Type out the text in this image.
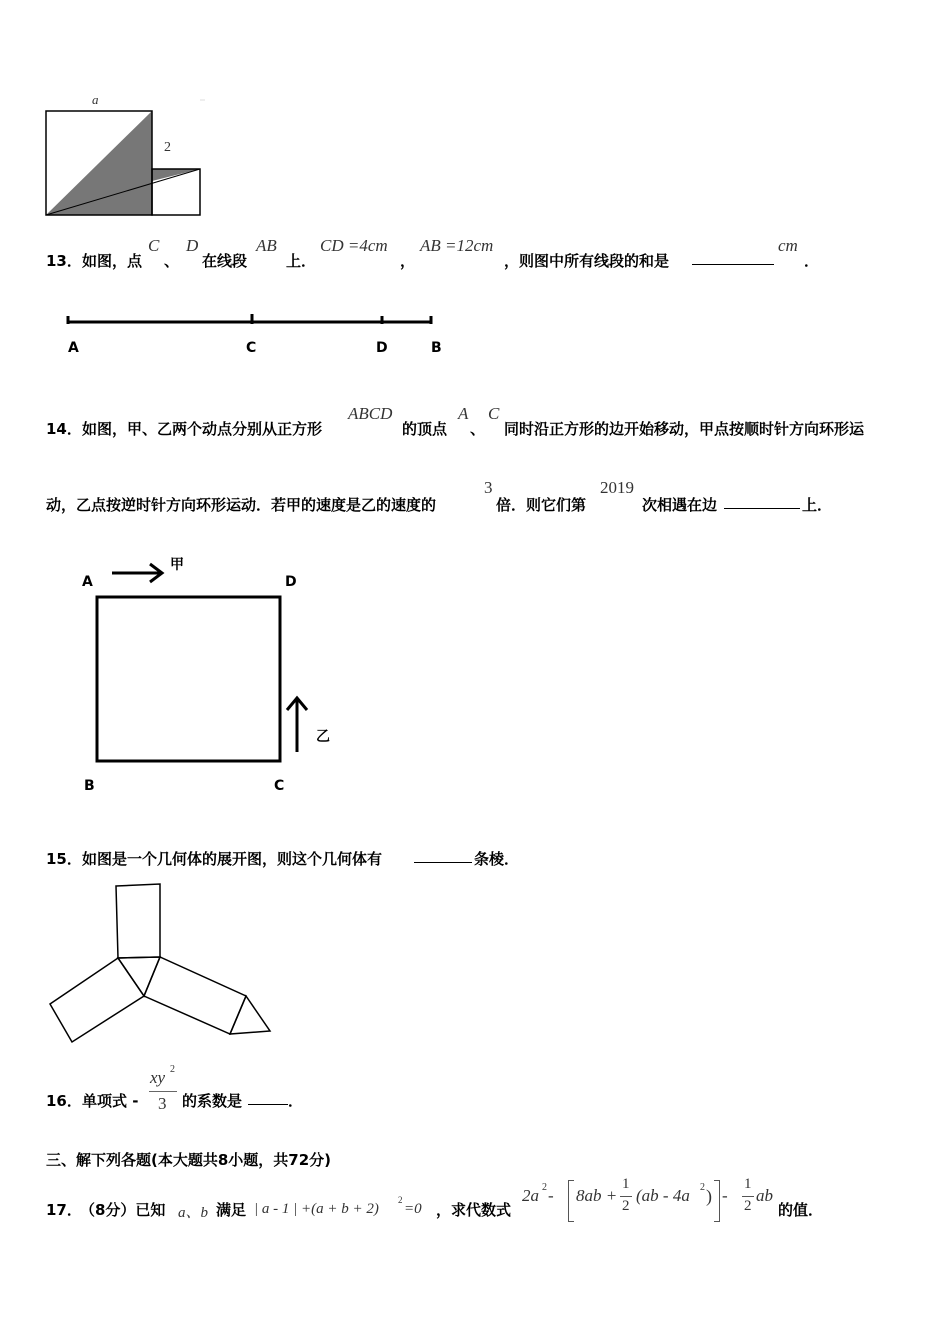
a
2
13． 如图，点
C
、
D
在线段
AB
上．
CD =4cm
，
AB =12cm
，则图中所有线段的和是
cm
．
A	C	D	B
14． 如图，甲、乙两个动点分别从正方形
ABCD
的顶点
A
、
C
同时沿正方形的边开始移动，甲点按顺时针方向环形运
动，乙点按逆时针方向环形运动．若甲的速度是乙的速度的
3
倍．则它们第
2019
次相遇在边	上．
A	D
B	C
甲
乙
15． 如图是一个几何体的展开图，则这个几何体有	条棱．
16． 单项式 -
xy 2
3 的系数是	．
三、解下列各题(本大题共8小题，共72分)
17．
（8分）已知 a、b 满足 | a - 1 | +(a + b + 2)
2
=0 ，求代数式
2a 2 - 8ab +
1
2
(ab - 4a 2 ) -
1
2
ab
的值．
